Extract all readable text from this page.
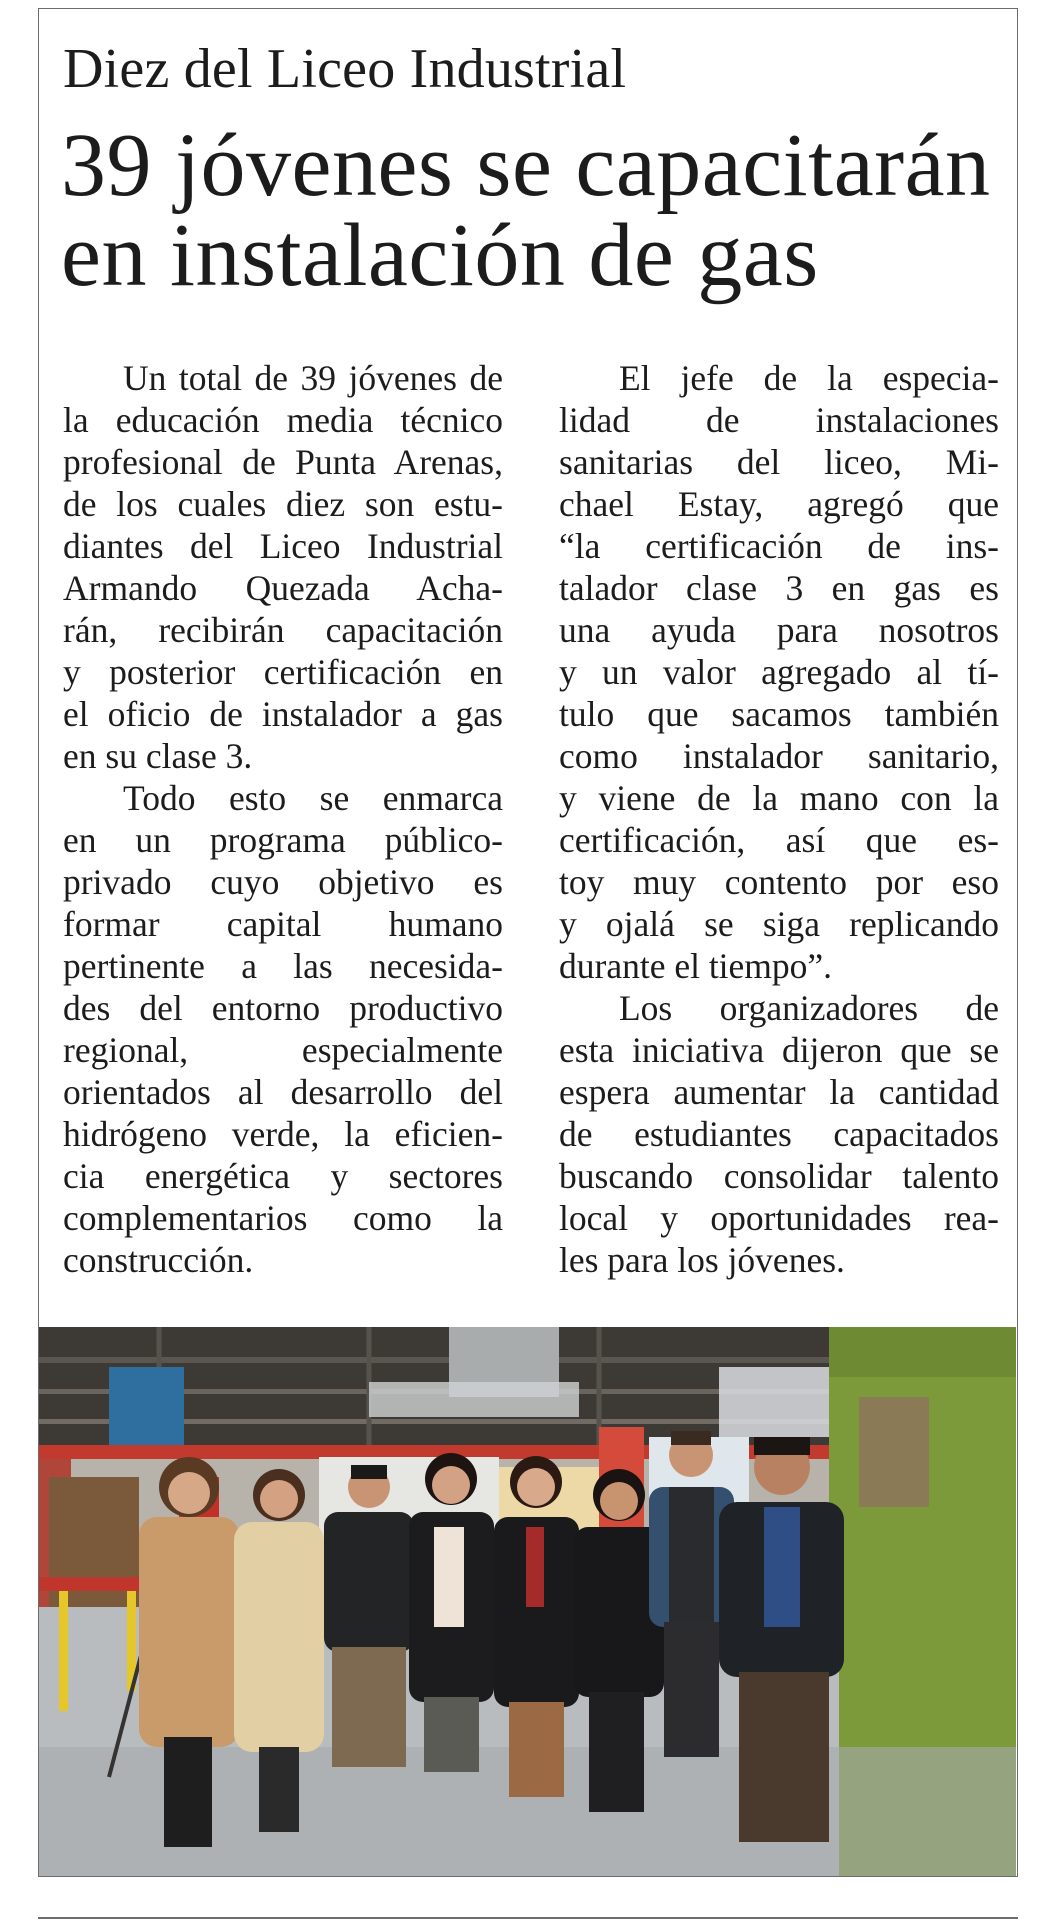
Diez del Liceo Industrial
39 jóvenes se capacitarán
en instalación de gas

Un total de 39 jóvenes de
la educación media técnico
profesional de Punta Arenas,
de los cuales diez son estu-
diantes del Liceo Industrial
Armando Quezada Acha-
rán, recibirán capacitación
y posterior certificación en
el oficio de instalador a gas
en su clase 3.

Todo esto se enmarca
en un programa público-
privado cuyo objetivo es
formar capital humano
pertinente a las necesida-
des del entorno productivo
regional, especialmente
orientados al desarrollo del
hidrógeno verde, la eficien-
cia energética y sectores
complementarios como la
construcción.

El jefe de la especia-
lidad de instalaciones
sanitarias del liceo, Mi-
chael Estay, agregó que
“la certificación de ins-
talador clase 3 en gas es
una ayuda para nosotros
y un valor agregado al tí-
tulo que sacamos también
como instalador sanitario,
y viene de la mano con la
certificación, así que es-
toy muy contento por eso
y ojalá se siga replicando
durante el tiempo”.

Los organizadores de
esta iniciativa dijeron que se
espera aumentar la cantidad
de estudiantes capacitados
buscando consolidar talento
local y oportunidades rea-
les para los jóvenes.
